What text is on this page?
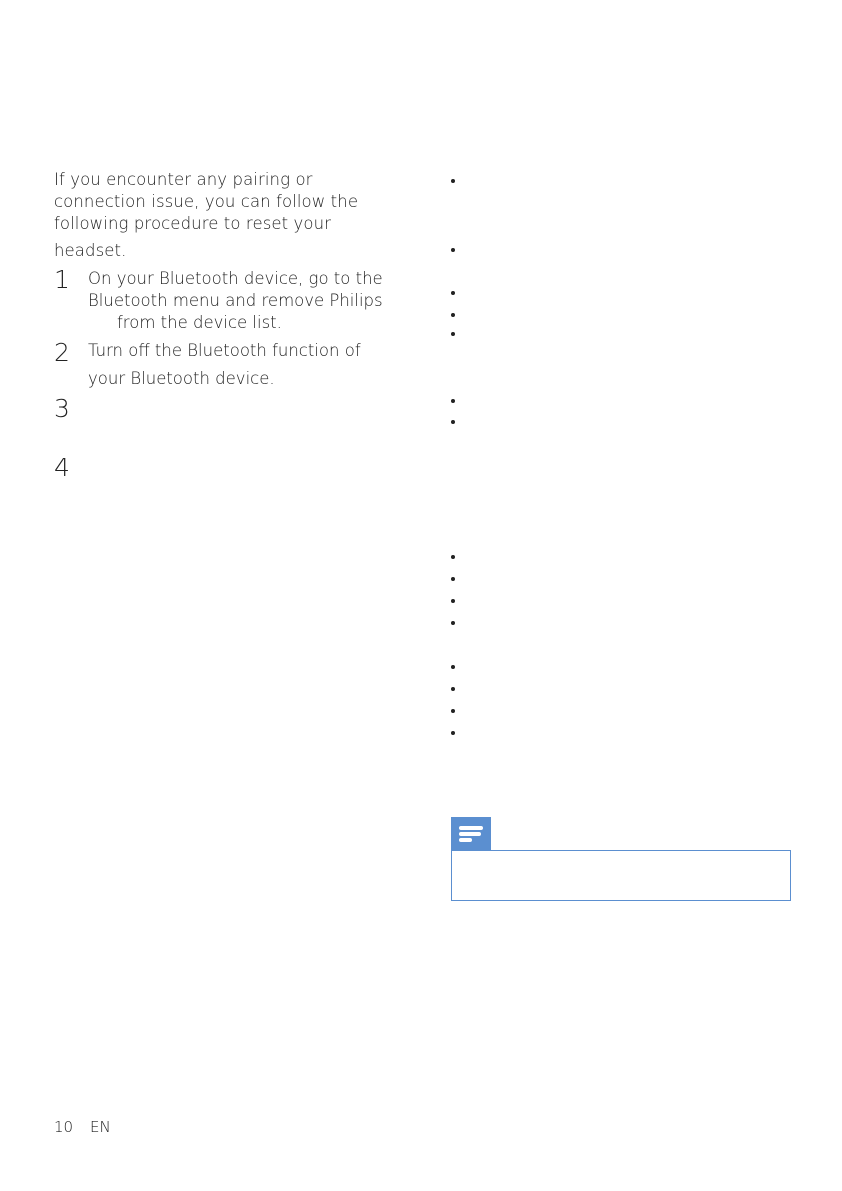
If you encounter any pairing or
connection issue, you can follow the
following procedure to reset your
headset.
1 On your Bluetooth device, go to the
Bluetooth menu and remove Philips
from the device list.
2 Turn off the Bluetooth function of
your Bluetooth device.
3
4
10 EN
